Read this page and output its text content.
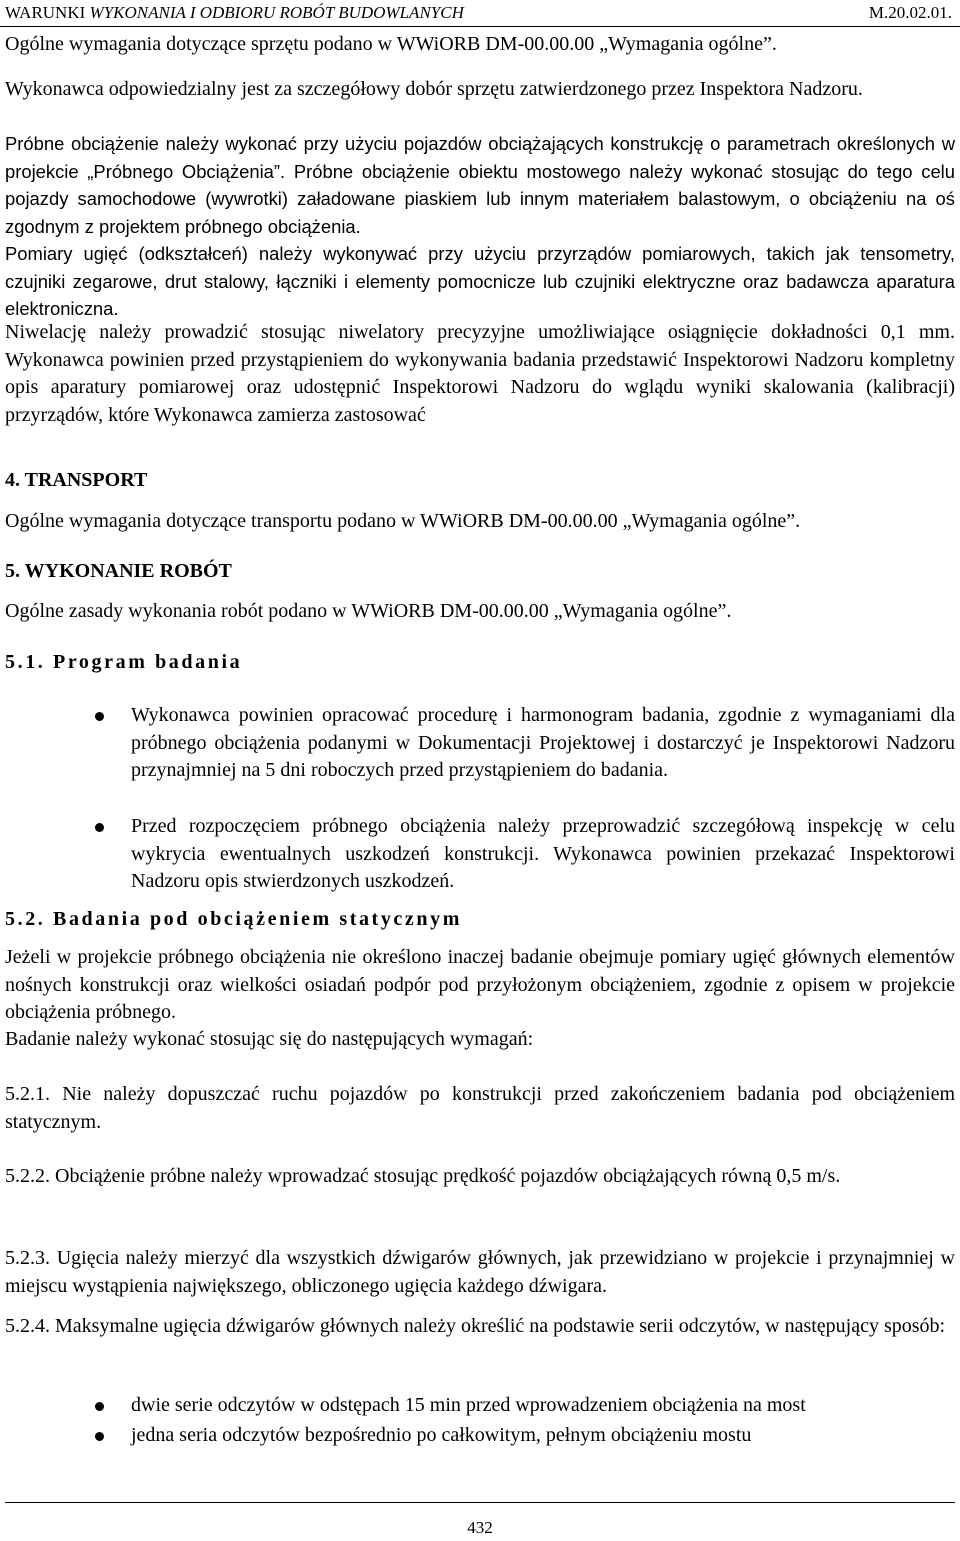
WARUNKI WYKONANIA I ODBIORU ROBÓT BUDOWLANYCH	M.20.02.01.
Ogólne wymagania dotyczące sprzętu podano w WWiORB DM-00.00.00 „Wymagania ogólne”.
Wykonawca odpowiedzialny jest za szczegółowy dobór sprzętu zatwierdzonego przez Inspektora Nadzoru.
Próbne obciążenie należy wykonać przy użyciu pojazdów obciążających konstrukcję o parametrach określonych w projekcie „Próbnego Obciążenia”. Próbne obciążenie obiektu mostowego należy wykonać stosując do tego celu pojazdy samochodowe (wywrotki) załadowane piaskiem lub innym materiałem balastowym, o obciążeniu na oś zgodnym z projektem próbnego obciążenia.
Pomiary ugięć (odkształceń) należy wykonywać przy użyciu przyrządów pomiarowych, takich jak tensometry, czujniki zegarowe, drut stalowy, łączniki i elementy pomocnicze lub czujniki elektryczne oraz badawcza aparatura elektroniczna.
Niwelację należy prowadzić stosując niwelatory precyzyjne umożliwiające osiągnięcie dokładności 0,1 mm. Wykonawca powinien przed przystąpieniem do wykonywania badania przedstawić Inspektorowi Nadzoru kompletny opis aparatury pomiarowej oraz udostępnić Inspektorowi Nadzoru do wglądu wyniki skalowania (kalibracji) przyrządów, które Wykonawca zamierza zastosować
4. TRANSPORT
Ogólne wymagania dotyczące transportu podano w WWiORB DM-00.00.00 „Wymagania ogólne”.
5. WYKONANIE ROBÓT
Ogólne zasady wykonania robót podano w WWiORB DM-00.00.00 „Wymagania ogólne”.
5.1. Program badania
Wykonawca powinien opracować procedurę i harmonogram badania, zgodnie z wymaganiami dla próbnego obciążenia podanymi w Dokumentacji Projektowej i dostarczyć je Inspektorowi Nadzoru przynajmniej na 5 dni roboczych przed przystąpieniem do badania.
Przed rozpoczęciem próbnego obciążenia należy przeprowadzić szczegółową inspekcję w celu wykrycia ewentualnych uszkodzeń konstrukcji. Wykonawca powinien przekazać Inspektorowi Nadzoru opis stwierdzonych uszkodzeń.
5.2. Badania pod obciążeniem statycznym
Jeżeli w projekcie próbnego obciążenia nie określono inaczej badanie obejmuje pomiary ugięć głównych elementów nośnych konstrukcji oraz wielkości osiadań podpór pod przyłożonym obciążeniem, zgodnie z opisem w projekcie obciążenia próbnego.
Badanie należy wykonać stosując się do następujących wymagań:
5.2.1. Nie należy dopuszczać ruchu pojazdów po konstrukcji przed zakończeniem badania pod obciążeniem statycznym.
5.2.2. Obciążenie próbne należy wprowadzać stosując prędkość pojazdów obciążających równą 0,5 m/s.
5.2.3. Ugięcia należy mierzyć dla wszystkich dźwigarów głównych, jak przewidziano w projekcie i przynajmniej w miejscu wystąpienia największego, obliczonego ugięcia każdego dźwigara.
5.2.4. Maksymalne ugięcia dźwigarów głównych należy określić na podstawie serii odczytów, w następujący sposób:
dwie serie odczytów w odstępach 15 min przed wprowadzeniem obciążenia na most
jedna seria odczytów bezpośrednio po całkowitym, pełnym obciążeniu mostu
432
